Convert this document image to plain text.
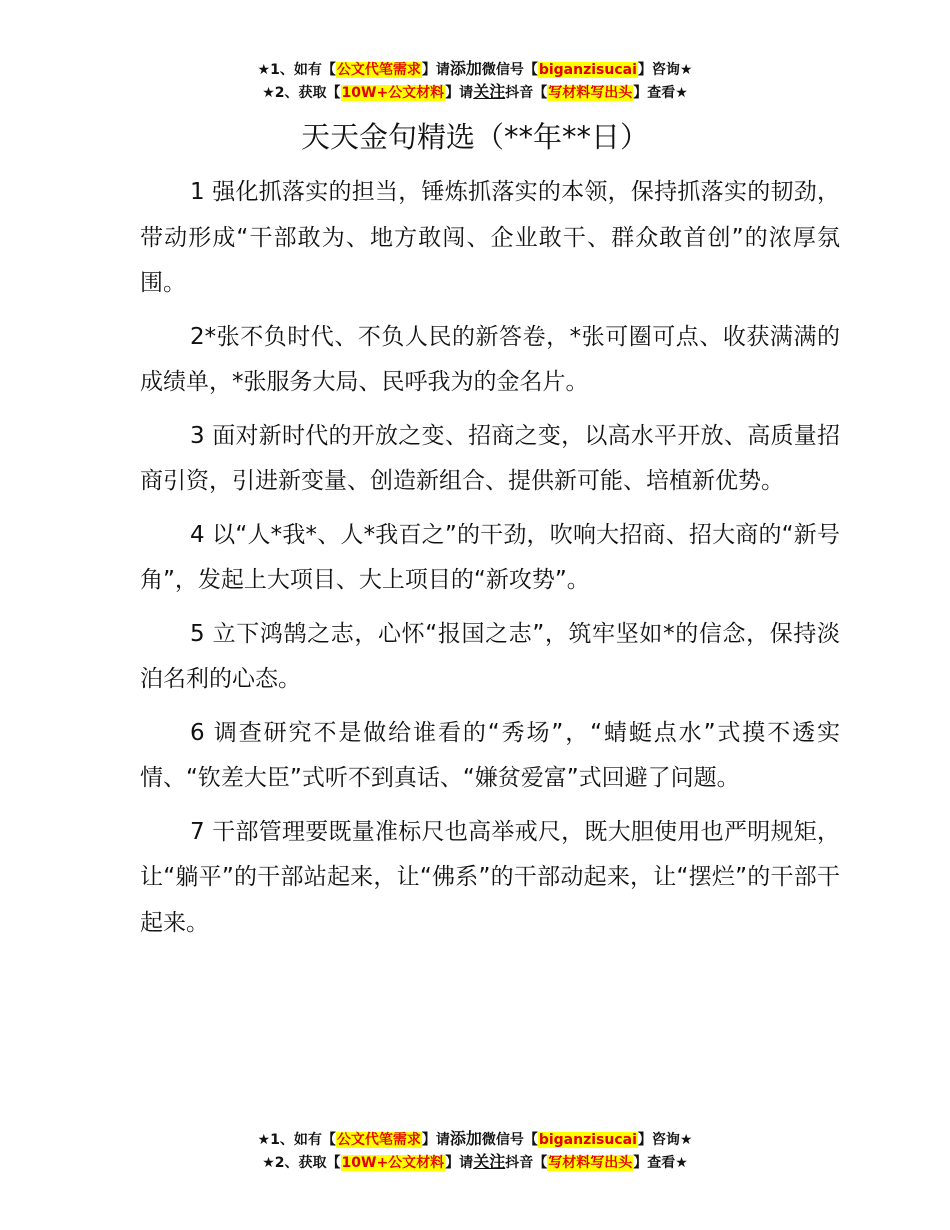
★1、如有【公文代笔需求】请添加微信号【biganzisucai】咨询★
★2、获取【10W+公文材料】请关注抖音【写材料写出头】查看★
天天金句精选（**年**日）

1 强化抓落实的担当，锤炼抓落实的本领，保持抓落实的韧劲，带动形成“干部敢为、地方敢闯、企业敢干、群众敢首创”的浓厚氛围。

2*张不负时代、不负人民的新答卷，*张可圈可点、收获满满的成绩单，*张服务大局、民呼我为的金名片。

3 面对新时代的开放之变、招商之变，以高水平开放、高质量招商引资，引进新变量、创造新组合、提供新可能、培植新优势。

4 以“人*我*、人*我百之”的干劲，吹响大招商、招大商的“新号角”，发起上大项目、大上项目的“新攻势”。

5 立下鸿鹄之志，心怀“报国之志”，筑牢坚如*的信念，保持淡泊名利的心态。

6 调查研究不是做给谁看的“秀场”，“蜻蜓点水”式摸不透实情、“钦差大臣”式听不到真话、“嫌贫爱富”式回避了问题。

7 干部管理要既量准标尺也高举戒尺，既大胆使用也严明规矩，让“躺平”的干部站起来，让“佛系”的干部动起来，让“摆烂”的干部干起来。

★1、如有【公文代笔需求】请添加微信号【biganzisucai】咨询★
★2、获取【10W+公文材料】请关注抖音【写材料写出头】查看★
